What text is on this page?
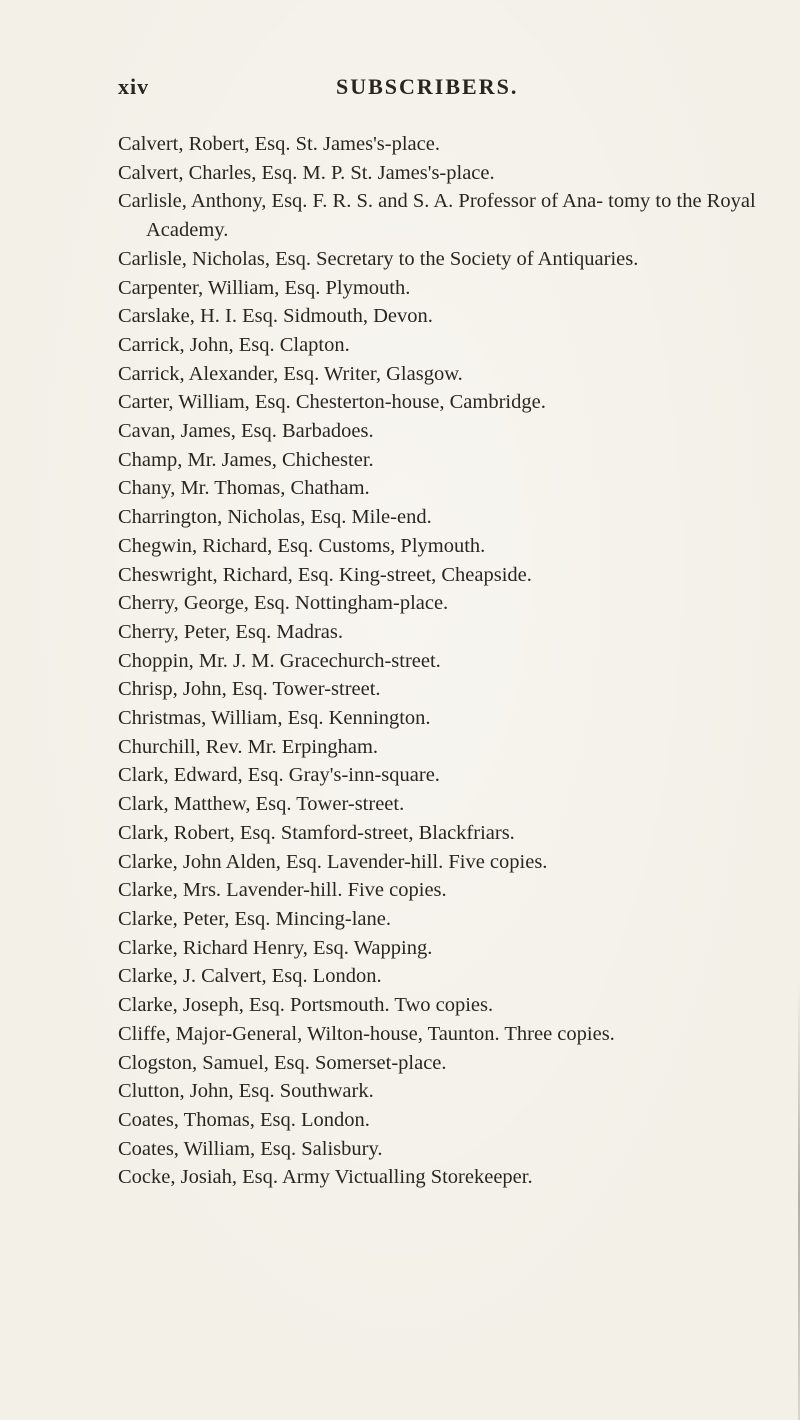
xiv	SUBSCRIBERS.
Calvert, Robert, Esq. St. James's-place.
Calvert, Charles, Esq. M. P. St. James's-place.
Carlisle, Anthony, Esq. F. R. S. and S. A. Professor of Ana- tomy to the Royal Academy.
Carlisle, Nicholas, Esq. Secretary to the Society of Antiquaries.
Carpenter, William, Esq. Plymouth.
Carslake, H. I. Esq. Sidmouth, Devon.
Carrick, John, Esq. Clapton.
Carrick, Alexander, Esq. Writer, Glasgow.
Carter, William, Esq. Chesterton-house, Cambridge.
Cavan, James, Esq. Barbadoes.
Champ, Mr. James, Chichester.
Chany, Mr. Thomas, Chatham.
Charrington, Nicholas, Esq. Mile-end.
Chegwin, Richard, Esq. Customs, Plymouth.
Cheswright, Richard, Esq. King-street, Cheapside.
Cherry, George, Esq. Nottingham-place.
Cherry, Peter, Esq. Madras.
Choppin, Mr. J. M. Gracechurch-street.
Chrisp, John, Esq. Tower-street.
Christmas, William, Esq. Kennington.
Churchill, Rev. Mr. Erpingham.
Clark, Edward, Esq. Gray's-inn-square.
Clark, Matthew, Esq. Tower-street.
Clark, Robert, Esq. Stamford-street, Blackfriars.
Clarke, John Alden, Esq. Lavender-hill. Five copies.
Clarke, Mrs. Lavender-hill. Five copies.
Clarke, Peter, Esq. Mincing-lane.
Clarke, Richard Henry, Esq. Wapping.
Clarke, J. Calvert, Esq. London.
Clarke, Joseph, Esq. Portsmouth. Two copies.
Cliffe, Major-General, Wilton-house, Taunton. Three copies.
Clogston, Samuel, Esq. Somerset-place.
Clutton, John, Esq. Southwark.
Coates, Thomas, Esq. London.
Coates, William, Esq. Salisbury.
Cocke, Josiah, Esq. Army Victualling Storekeeper.
